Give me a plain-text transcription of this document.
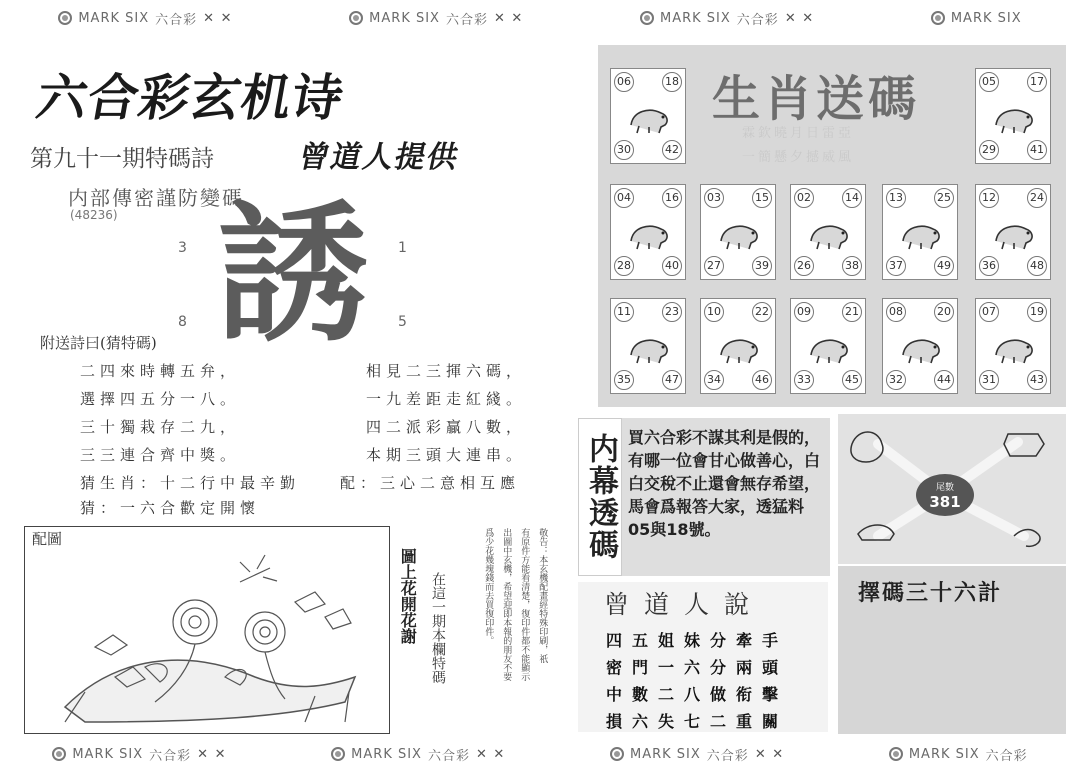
MARK SIX 六合彩 ✕ ✕	MARK SIX 六合彩 ✕ ✕	MARK SIX 六合彩 ✕ ✕	MARK SIX
MARK SIX 六合彩 ✕ ✕	MARK SIX 六合彩 ✕ ✕	MARK SIX 六合彩 ✕ ✕	MARK SIX 六合彩
六合彩玄机诗
第九十一期特碼詩	曾道人提供
内部傳密謹防變碼
(48236) 誘
3	1
8	5
附送詩曰(猜特碼)
二四來時轉五弁，
選擇四五分一八。
三十獨栽存二九，
三三連合齊中獎。
猜生肖：十二行中最辛勤
猜：一六合歡定開懷
相見二三揮六碼，
一九差距走紅綫。
四二派彩贏八數，
本期三頭大連串。
配：三心二意相互應
配圖
圖上花開花謝 在這一期本欄特碼	敬告：本玄機配畫經特殊印刷，祇
有原件方能看清楚，復印件都不能顯示
出圖中玄機，希望迎即本報的朋友不要
爲少花幾塊錢而去買復印件。
生肖送碼
霖欽曉月日雷亞
一簡懸夕撼威風
06	18
30	42
05	17
29	41
04	16
28	40
03	15
27	39
02	14
26	38
13	25
37	49
12	24
36	48
11	23
35	47
10	22
34	46
09	21
33	45
08	20
32	44
07	19
31	43
内幕透碼 買六合彩不謀其利是假的，有哪一位會甘心做善心，白白交稅不止還會無存希望，馬會爲報答大家，透猛料05與18號。
曾道人說
四五姐妹分牽手
密門一六分兩頭
中數二八做衔擊
損六失七二重關
尾數
381
擇碼三十六計
